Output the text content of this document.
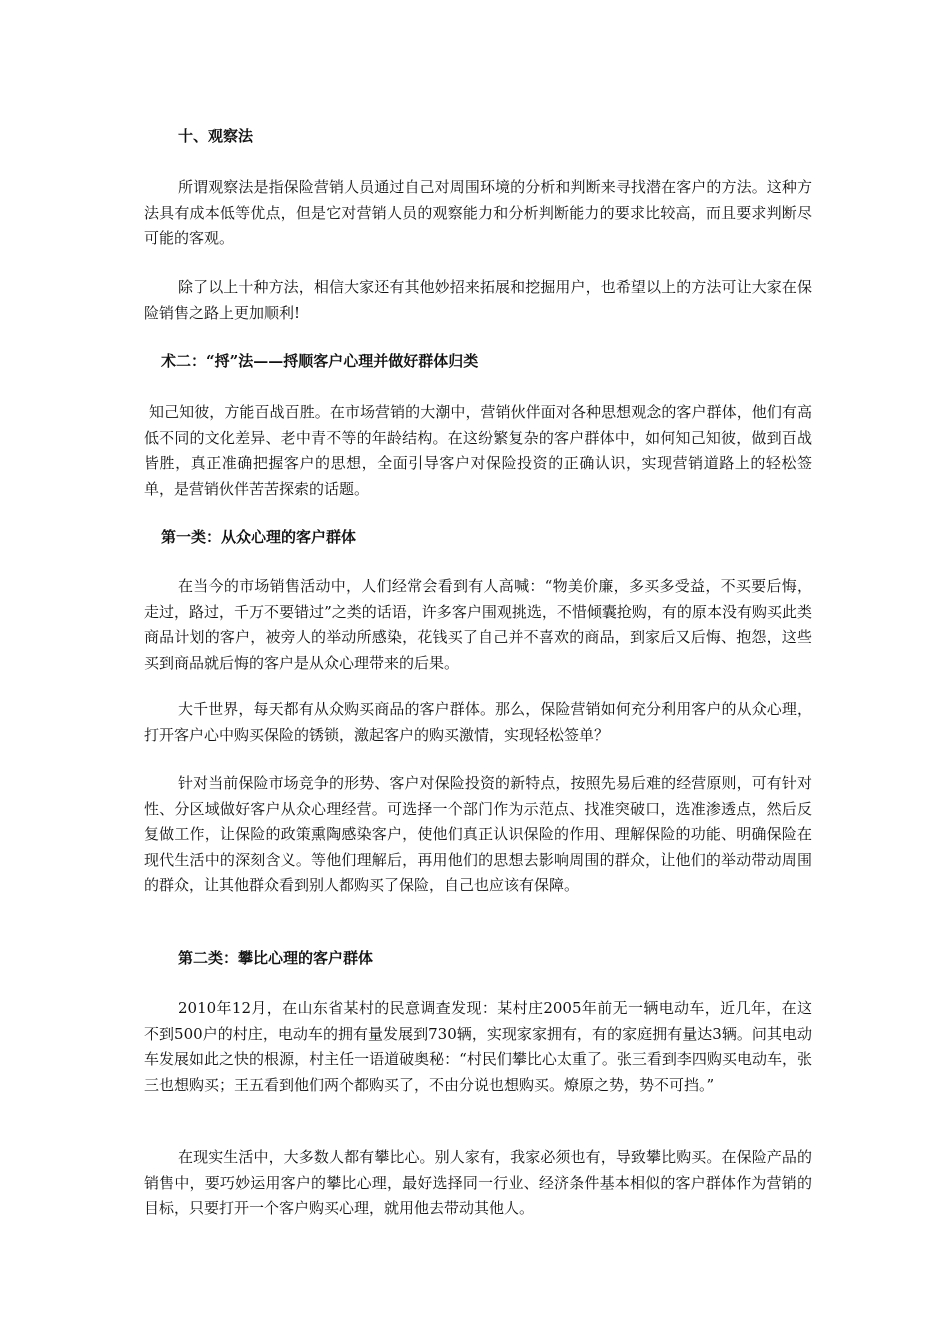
十、观察法

所谓观察法是指保险营销人员通过自己对周围环境的分析和判断来寻找潜在客户的方法。这种方法具有成本低等优点，但是它对营销人员的观察能力和分析判断能力的要求比较高，而且要求判断尽可能的客观。

除了以上十种方法，相信大家还有其他妙招来拓展和挖掘用户，也希望以上的方法可让大家在保险销售之路上更加顺利!

术二：“捋”法——捋顺客户心理并做好群体归类

知己知彼，方能百战百胜。在市场营销的大潮中，营销伙伴面对各种思想观念的客户群体，他们有高低不同的文化差异、老中青不等的年龄结构。在这纷繁复杂的客户群体中，如何知己知彼，做到百战皆胜，真正准确把握客户的思想，全面引导客户对保险投资的正确认识，实现营销道路上的轻松签单，是营销伙伴苦苦探索的话题。

第一类：从众心理的客户群体

在当今的市场销售活动中，人们经常会看到有人高喊：“物美价廉，多买多受益，不买要后悔，走过，路过，千万不要错过”之类的话语，许多客户围观挑选，不惜倾囊抢购，有的原本没有购买此类商品计划的客户，被旁人的举动所感染，花钱买了自己并不喜欢的商品，到家后又后悔、抱怨，这些买到商品就后悔的客户是从众心理带来的后果。

大千世界，每天都有从众购买商品的客户群体。那么，保险营销如何充分利用客户的从众心理，打开客户心中购买保险的锈锁，激起客户的购买激情，实现轻松签单？

针对当前保险市场竞争的形势、客户对保险投资的新特点，按照先易后难的经营原则，可有针对性、分区域做好客户从众心理经营。可选择一个部门作为示范点、找准突破口，选准渗透点，然后反复做工作，让保险的政策熏陶感染客户，使他们真正认识保险的作用、理解保险的功能、明确保险在现代生活中的深刻含义。等他们理解后，再用他们的思想去影响周围的群众，让他们的举动带动周围的群众，让其他群众看到别人都购买了保险，自己也应该有保障。

第二类：攀比心理的客户群体

2010年12月，在山东省某村的民意调查发现：某村庄2005年前无一辆电动车，近几年，在这不到500户的村庄，电动车的拥有量发展到730辆，实现家家拥有，有的家庭拥有量达3辆。问其电动车发展如此之快的根源，村主任一语道破奥秘：“村民们攀比心太重了。张三看到李四购买电动车，张三也想购买；王五看到他们两个都购买了，不由分说也想购买。燎原之势，势不可挡。”

在现实生活中，大多数人都有攀比心。别人家有，我家必须也有，导致攀比购买。在保险产品的销售中，要巧妙运用客户的攀比心理，最好选择同一行业、经济条件基本相似的客户群体作为营销的目标，只要打开一个客户购买心理，就用他去带动其他人。
